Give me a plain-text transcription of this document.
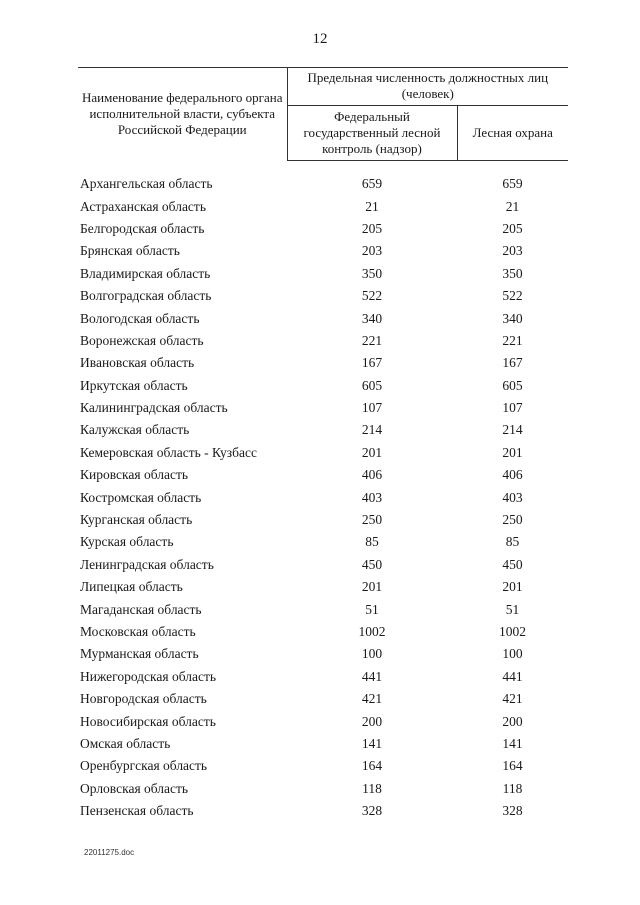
12
Наименование федерального органа исполнительной власти, субъекта Российской Федерации	Предельная численность должностных лиц (человек)	
	Федеральный государственный лесной контроль (надзор)	Лесная охрана
Архангельская область	659	659
Астраханская область	21	21
Белгородская область	205	205
Брянская область	203	203
Владимирская область	350	350
Волгоградская область	522	522
Вологодская область	340	340
Воронежская область	221	221
Ивановская область	167	167
Иркутская область	605	605
Калининградская область	107	107
Калужская область	214	214
Кемеровская область - Кузбасс	201	201
Кировская область	406	406
Костромская область	403	403
Курганская область	250	250
Курская область	85	85
Ленинградская область	450	450
Липецкая область	201	201
Магаданская область	51	51
Московская область	1002	1002
Мурманская область	100	100
Нижегородская область	441	441
Новгородская область	421	421
Новосибирская область	200	200
Омская область	141	141
Оренбургская область	164	164
Орловская область	118	118
Пензенская область	328	328
22011275.doc
